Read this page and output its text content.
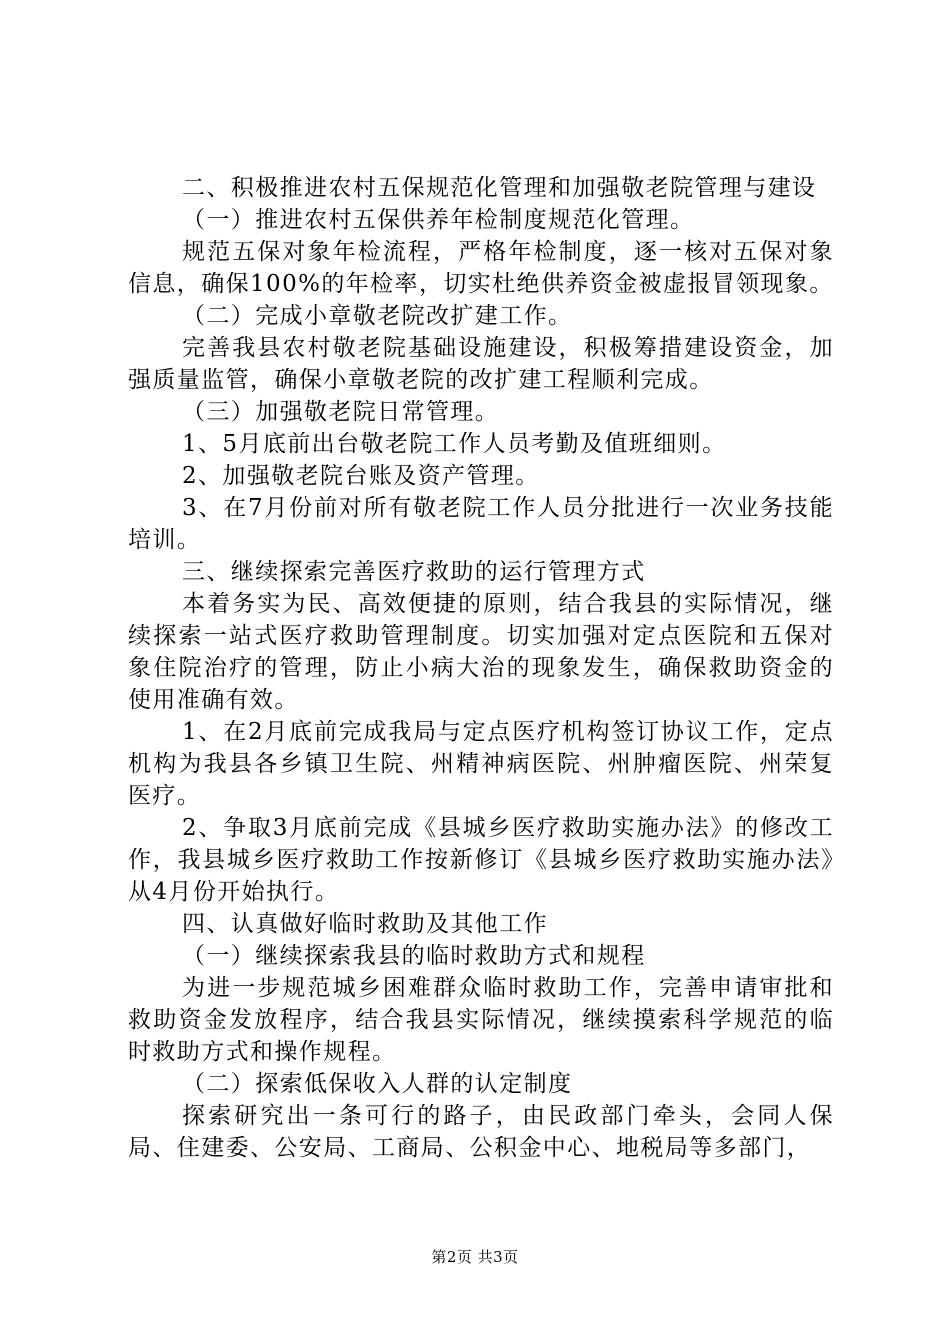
二、积极推进农村五保规范化管理和加强敬老院管理与建设

（一）推进农村五保供养年检制度规范化管理。

规范五保对象年检流程，严格年检制度，逐一核对五保对象信息，确保100%的年检率，切实杜绝供养资金被虚报冒领现象。

（二）完成小章敬老院改扩建工作。

完善我县农村敬老院基础设施建设，积极筹措建设资金，加强质量监管，确保小章敬老院的改扩建工程顺利完成。

（三）加强敬老院日常管理。

1、5月底前出台敬老院工作人员考勤及值班细则。

2、加强敬老院台账及资产管理。

3、在7月份前对所有敬老院工作人员分批进行一次业务技能培训。

三、继续探索完善医疗救助的运行管理方式

本着务实为民、高效便捷的原则，结合我县的实际情况，继续探索一站式医疗救助管理制度。切实加强对定点医院和五保对象住院治疗的管理，防止小病大治的现象发生，确保救助资金的使用准确有效。

1、在2月底前完成我局与定点医疗机构签订协议工作，定点机构为我县各乡镇卫生院、州精神病医院、州肿瘤医院、州荣复医疗。

2、争取3月底前完成《县城乡医疗救助实施办法》的修改工作，我县城乡医疗救助工作按新修订《县城乡医疗救助实施办法》从4月份开始执行。

四、认真做好临时救助及其他工作

（一）继续探索我县的临时救助方式和规程

为进一步规范城乡困难群众临时救助工作，完善申请审批和救助资金发放程序，结合我县实际情况，继续摸索科学规范的临时救助方式和操作规程。

（二）探索低保收入人群的认定制度

探索研究出一条可行的路子，由民政部门牵头，会同人保局、住建委、公安局、工商局、公积金中心、地税局等多部门，

第2页 共3页
